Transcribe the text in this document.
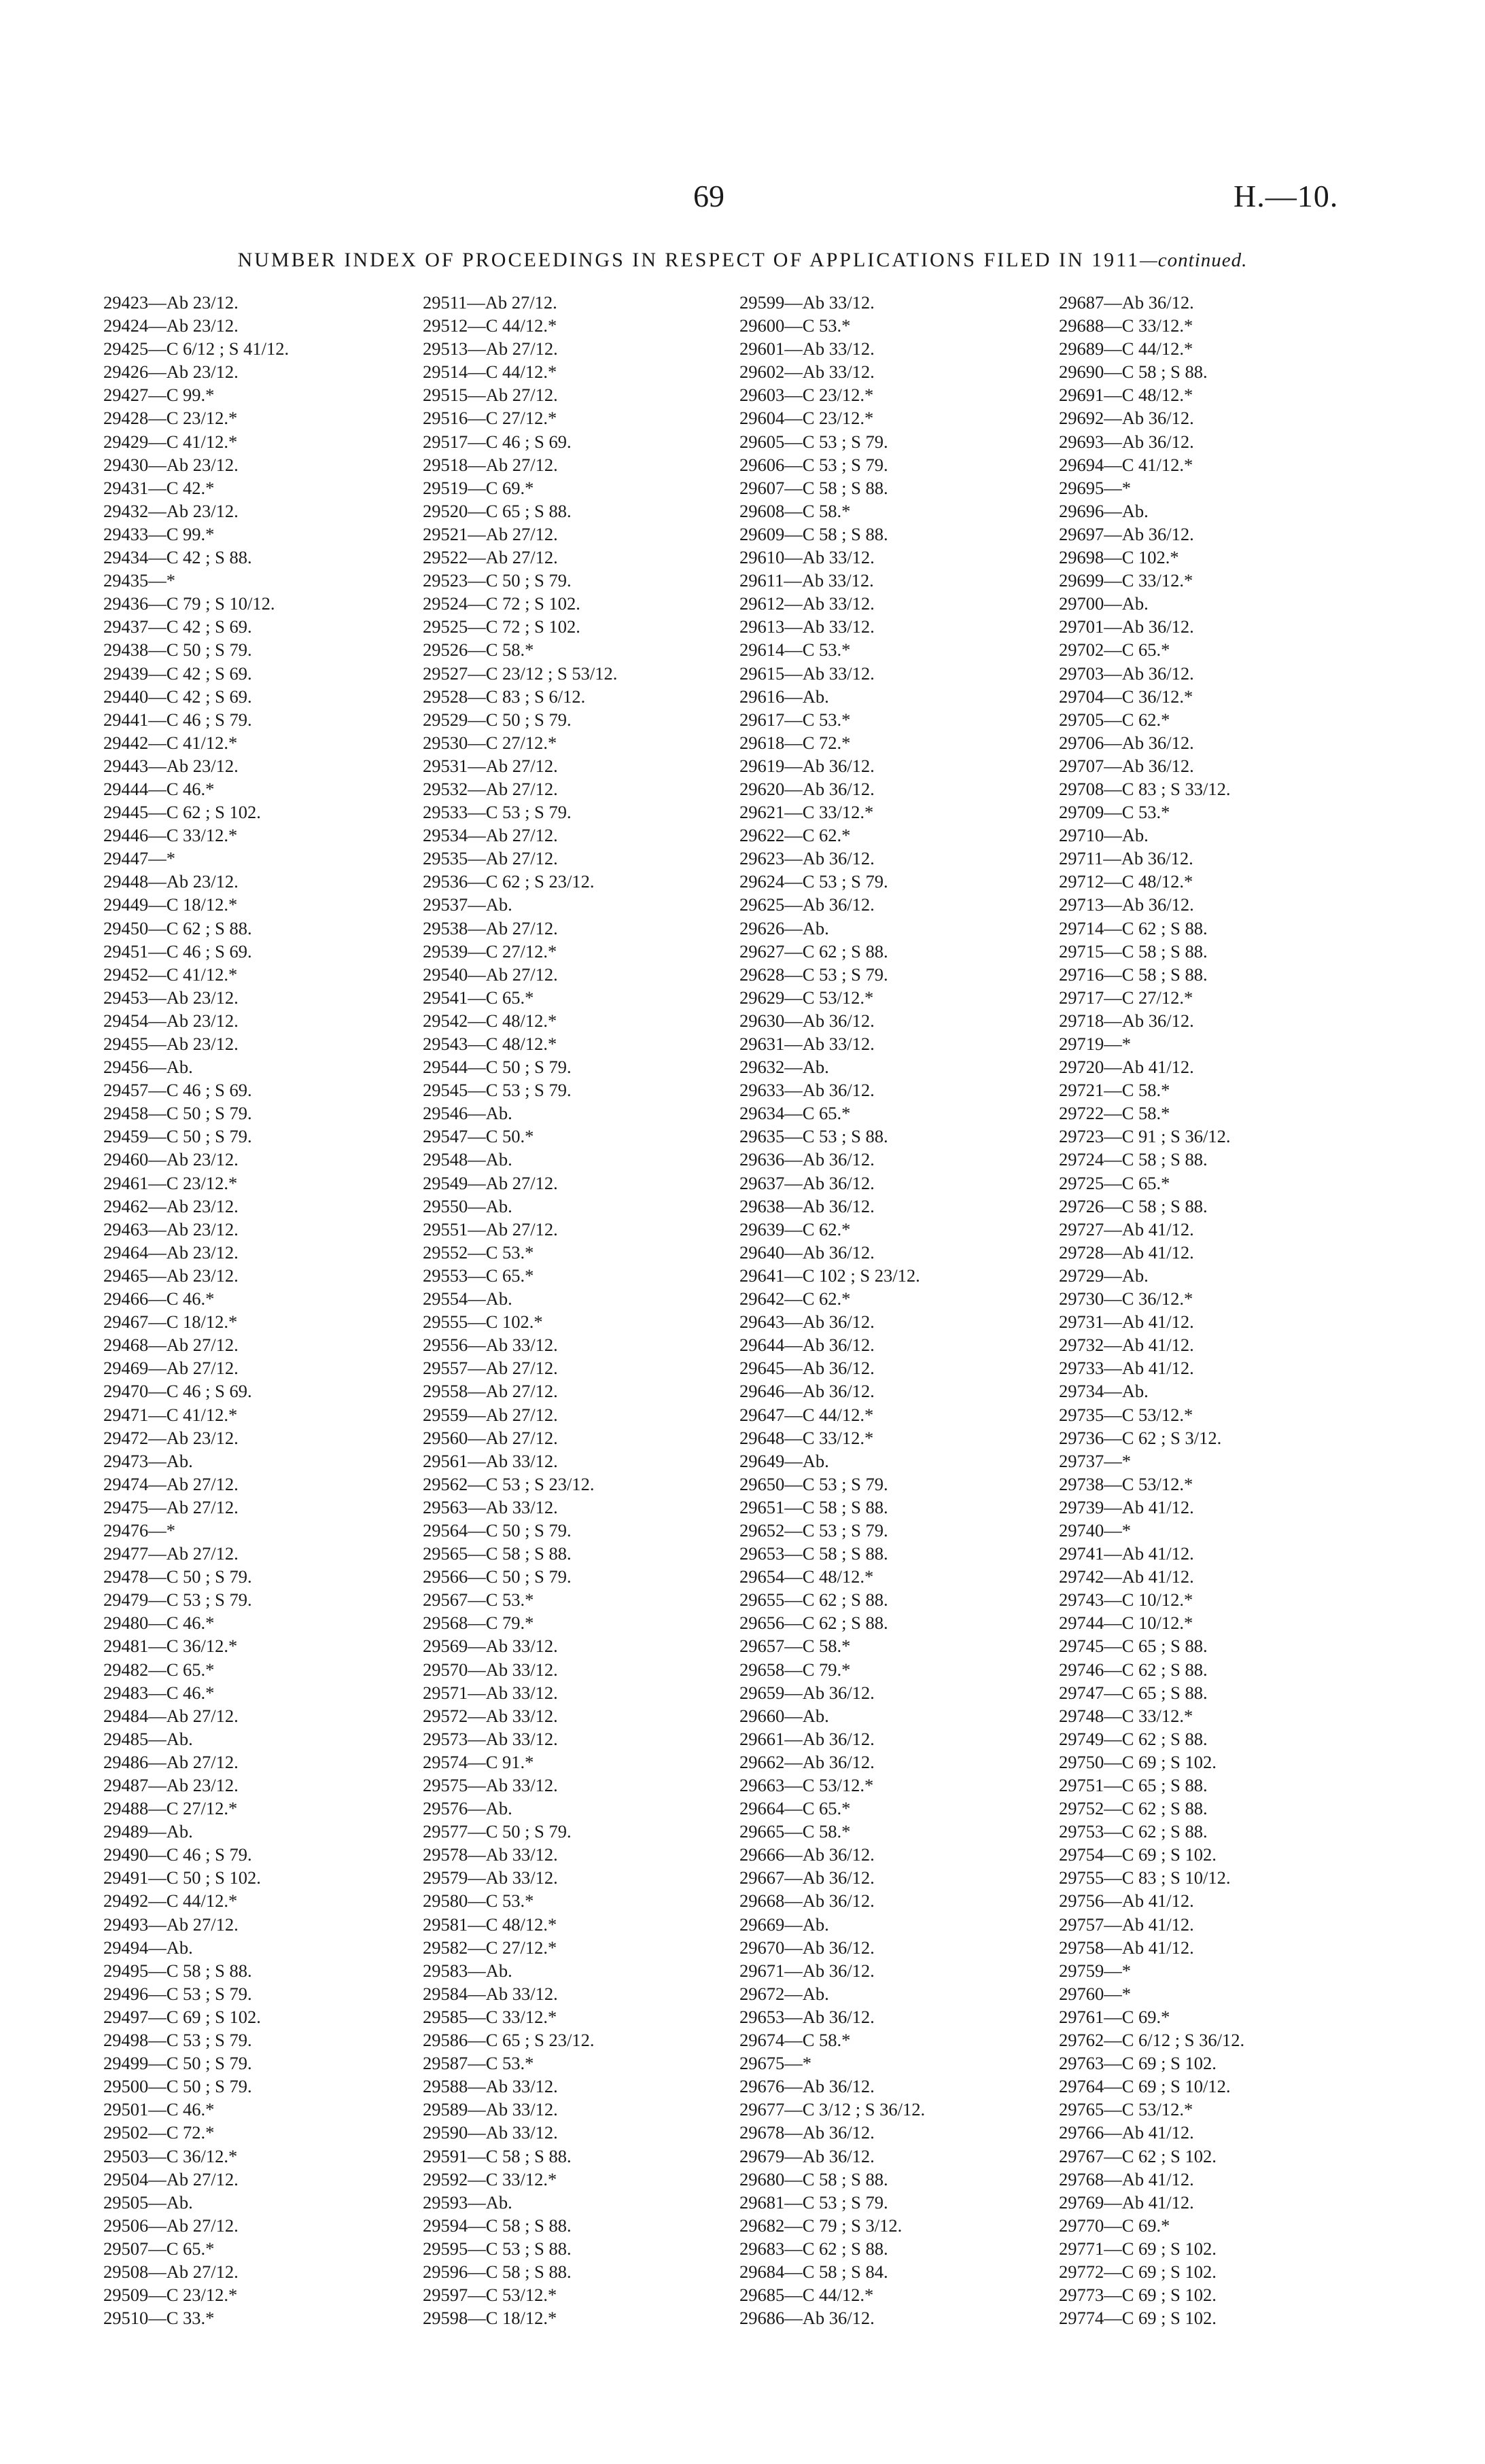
69	H.—10.
NUMBER INDEX OF PROCEEDINGS IN RESPECT OF APPLICATIONS FILED IN 1911—continued.
29423—Ab 23/12.
29424—Ab 23/12.
29425—C 6/12 ; S 41/12.
29426—Ab 23/12.
29427—C 99.*
29428—C 23/12.*
29429—C 41/12.*
29430—Ab 23/12.
29431—C 42.*
29432—Ab 23/12.
29433—C 99.*
29434—C 42 ; S 88.
29435—*
29436—C 79 ; S 10/12.
29437—C 42 ; S 69.
29438—C 50 ; S 79.
29439—C 42 ; S 69.
29440—C 42 ; S 69.
29441—C 46 ; S 79.
29442—C 41/12.*
29443—Ab 23/12.
29444—C 46.*
29445—C 62 ; S 102.
29446—C 33/12.*
29447—*
29448—Ab 23/12.
29449—C 18/12.*
29450—C 62 ; S 88.
29451—C 46 ; S 69.
29452—C 41/12.*
29453—Ab 23/12.
29454—Ab 23/12.
29455—Ab 23/12.
29456—Ab.
29457—C 46 ; S 69.
29458—C 50 ; S 79.
29459—C 50 ; S 79.
29460—Ab 23/12.
29461—C 23/12.*
29462—Ab 23/12.
29463—Ab 23/12.
29464—Ab 23/12.
29465—Ab 23/12.
29466—C 46.*
29467—C 18/12.*
29468—Ab 27/12.
29469—Ab 27/12.
29470—C 46 ; S 69.
29471—C 41/12.*
29472—Ab 23/12.
29473—Ab.
29474—Ab 27/12.
29475—Ab 27/12.
29476—*
29477—Ab 27/12.
29478—C 50 ; S 79.
29479—C 53 ; S 79.
29480—C 46.*
29481—C 36/12.*
29482—C 65.*
29483—C 46.*
29484—Ab 27/12.
29485—Ab.
29486—Ab 27/12.
29487—Ab 23/12.
29488—C 27/12.*
29489—Ab.
29490—C 46 ; S 79.
29491—C 50 ; S 102.
29492—C 44/12.*
29493—Ab 27/12.
29494—Ab.
29495—C 58 ; S 88.
29496—C 53 ; S 79.
29497—C 69 ; S 102.
29498—C 53 ; S 79.
29499—C 50 ; S 79.
29500—C 50 ; S 79.
29501—C 46.*
29502—C 72.*
29503—C 36/12.*
29504—Ab 27/12.
29505—Ab.
29506—Ab 27/12.
29507—C 65.*
29508—Ab 27/12.
29509—C 23/12.*
29510—C 33.*
29511—Ab 27/12.
29512—C 44/12.*
29513—Ab 27/12.
29514—C 44/12.*
29515—Ab 27/12.
29516—C 27/12.*
29517—C 46 ; S 69.
29518—Ab 27/12.
29519—C 69.*
29520—C 65 ; S 88.
29521—Ab 27/12.
29522—Ab 27/12.
29523—C 50 ; S 79.
29524—C 72 ; S 102.
29525—C 72 ; S 102.
29526—C 58.*
29527—C 23/12 ; S 53/12.
29528—C 83 ; S 6/12.
29529—C 50 ; S 79.
29530—C 27/12.*
29531—Ab 27/12.
29532—Ab 27/12.
29533—C 53 ; S 79.
29534—Ab 27/12.
29535—Ab 27/12.
29536—C 62 ; S 23/12.
29537—Ab.
29538—Ab 27/12.
29539—C 27/12.*
29540—Ab 27/12.
29541—C 65.*
29542—C 48/12.*
29543—C 48/12.*
29544—C 50 ; S 79.
29545—C 53 ; S 79.
29546—Ab.
29547—C 50.*
29548—Ab.
29549—Ab 27/12.
29550—Ab.
29551—Ab 27/12.
29552—C 53.*
29553—C 65.*
29554—Ab.
29555—C 102.*
29556—Ab 33/12.
29557—Ab 27/12.
29558—Ab 27/12.
29559—Ab 27/12.
29560—Ab 27/12.
29561—Ab 33/12.
29562—C 53 ; S 23/12.
29563—Ab 33/12.
29564—C 50 ; S 79.
29565—C 58 ; S 88.
29566—C 50 ; S 79.
29567—C 53.*
29568—C 79.*
29569—Ab 33/12.
29570—Ab 33/12.
29571—Ab 33/12.
29572—Ab 33/12.
29573—Ab 33/12.
29574—C 91.*
29575—Ab 33/12.
29576—Ab.
29577—C 50 ; S 79.
29578—Ab 33/12.
29579—Ab 33/12.
29580—C 53.*
29581—C 48/12.*
29582—C 27/12.*
29583—Ab.
29584—Ab 33/12.
29585—C 33/12.*
29586—C 65 ; S 23/12.
29587—C 53.*
29588—Ab 33/12.
29589—Ab 33/12.
29590—Ab 33/12.
29591—C 58 ; S 88.
29592—C 33/12.*
29593—Ab.
29594—C 58 ; S 88.
29595—C 53 ; S 88.
29596—C 58 ; S 88.
29597—C 53/12.*
29598—C 18/12.*
29599—Ab 33/12.
29600—C 53.*
29601—Ab 33/12.
29602—Ab 33/12.
29603—C 23/12.*
29604—C 23/12.*
29605—C 53 ; S 79.
29606—C 53 ; S 79.
29607—C 58 ; S 88.
29608—C 58.*
29609—C 58 ; S 88.
29610—Ab 33/12.
29611—Ab 33/12.
29612—Ab 33/12.
29613—Ab 33/12.
29614—C 53.*
29615—Ab 33/12.
29616—Ab.
29617—C 53.*
29618—C 72.*
29619—Ab 36/12.
29620—Ab 36/12.
29621—C 33/12.*
29622—C 62.*
29623—Ab 36/12.
29624—C 53 ; S 79.
29625—Ab 36/12.
29626—Ab.
29627—C 62 ; S 88.
29628—C 53 ; S 79.
29629—C 53/12.*
29630—Ab 36/12.
29631—Ab 33/12.
29632—Ab.
29633—Ab 36/12.
29634—C 65.*
29635—C 53 ; S 88.
29636—Ab 36/12.
29637—Ab 36/12.
29638—Ab 36/12.
29639—C 62.*
29640—Ab 36/12.
29641—C 102 ; S 23/12.
29642—C 62.*
29643—Ab 36/12.
29644—Ab 36/12.
29645—Ab 36/12.
29646—Ab 36/12.
29647—C 44/12.*
29648—C 33/12.*
29649—Ab.
29650—C 53 ; S 79.
29651—C 58 ; S 88.
29652—C 53 ; S 79.
29653—C 58 ; S 88.
29654—C 48/12.*
29655—C 62 ; S 88.
29656—C 62 ; S 88.
29657—C 58.*
29658—C 79.*
29659—Ab 36/12.
29660—Ab.
29661—Ab 36/12.
29662—Ab 36/12.
29663—C 53/12.*
29664—C 65.*
29665—C 58.*
29666—Ab 36/12.
29667—Ab 36/12.
29668—Ab 36/12.
29669—Ab.
29670—Ab 36/12.
29671—Ab 36/12.
29672—Ab.
29653—Ab 36/12.
29674—C 58.*
29675—*
29676—Ab 36/12.
29677—C 3/12 ; S 36/12.
29678—Ab 36/12.
29679—Ab 36/12.
29680—C 58 ; S 88.
29681—C 53 ; S 79.
29682—C 79 ; S 3/12.
29683—C 62 ; S 88.
29684—C 58 ; S 84.
29685—C 44/12.*
29686—Ab 36/12.
29687—Ab 36/12.
29688—C 33/12.*
29689—C 44/12.*
29690—C 58 ; S 88.
29691—C 48/12.*
29692—Ab 36/12.
29693—Ab 36/12.
29694—C 41/12.*
29695—*
29696—Ab.
29697—Ab 36/12.
29698—C 102.*
29699—C 33/12.*
29700—Ab.
29701—Ab 36/12.
29702—C 65.*
29703—Ab 36/12.
29704—C 36/12.*
29705—C 62.*
29706—Ab 36/12.
29707—Ab 36/12.
29708—C 83 ; S 33/12.
29709—C 53.*
29710—Ab.
29711—Ab 36/12.
29712—C 48/12.*
29713—Ab 36/12.
29714—C 62 ; S 88.
29715—C 58 ; S 88.
29716—C 58 ; S 88.
29717—C 27/12.*
29718—Ab 36/12.
29719—*
29720—Ab 41/12.
29721—C 58.*
29722—C 58.*
29723—C 91 ; S 36/12.
29724—C 58 ; S 88.
29725—C 65.*
29726—C 58 ; S 88.
29727—Ab 41/12.
29728—Ab 41/12.
29729—Ab.
29730—C 36/12.*
29731—Ab 41/12.
29732—Ab 41/12.
29733—Ab 41/12.
29734—Ab.
29735—C 53/12.*
29736—C 62 ; S 3/12.
29737—*
29738—C 53/12.*
29739—Ab 41/12.
29740—*
29741—Ab 41/12.
29742—Ab 41/12.
29743—C 10/12.*
29744—C 10/12.*
29745—C 65 ; S 88.
29746—C 62 ; S 88.
29747—C 65 ; S 88.
29748—C 33/12.*
29749—C 62 ; S 88.
29750—C 69 ; S 102.
29751—C 65 ; S 88.
29752—C 62 ; S 88.
29753—C 62 ; S 88.
29754—C 69 ; S 102.
29755—C 83 ; S 10/12.
29756—Ab 41/12.
29757—Ab 41/12.
29758—Ab 41/12.
29759—*
29760—*
29761—C 69.*
29762—C 6/12 ; S 36/12.
29763—C 69 ; S 102.
29764—C 69 ; S 10/12.
29765—C 53/12.*
29766—Ab 41/12.
29767—C 62 ; S 102.
29768—Ab 41/12.
29769—Ab 41/12.
29770—C 69.*
29771—C 69 ; S 102.
29772—C 69 ; S 102.
29773—C 69 ; S 102.
29774—C 69 ; S 102.
